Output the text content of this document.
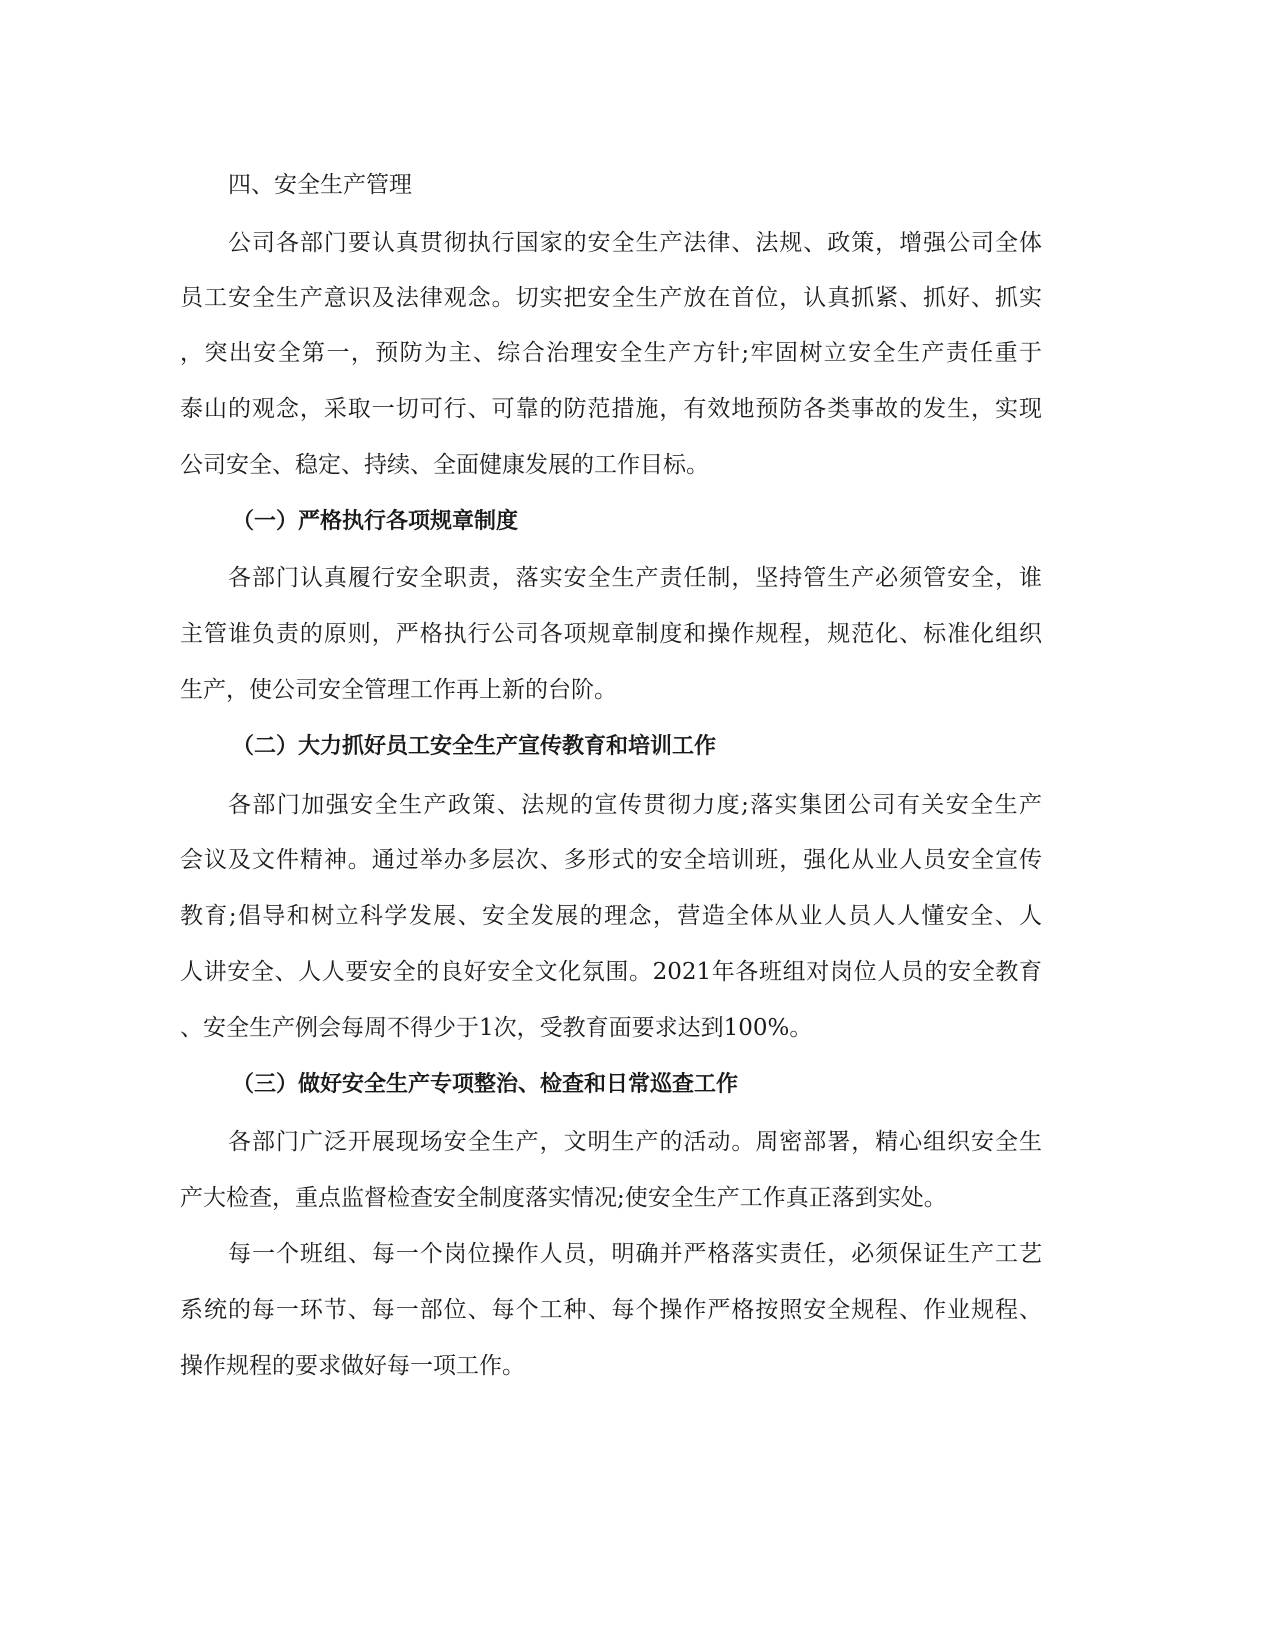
四、安全生产管理
公司各部门要认真贯彻执行国家的安全生产法律、法规、政策，增强公司全体
员工安全生产意识及法律观念。切实把安全生产放在首位，认真抓紧、抓好、抓实
，突出安全第一，预防为主、综合治理安全生产方针;牢固树立安全生产责任重于
泰山的观念，采取一切可行、可靠的防范措施，有效地预防各类事故的发生，实现
公司安全、稳定、持续、全面健康发展的工作目标。
（一）严格执行各项规章制度
各部门认真履行安全职责，落实安全生产责任制，坚持管生产必须管安全，谁
主管谁负责的原则，严格执行公司各项规章制度和操作规程，规范化、标准化组织
生产，使公司安全管理工作再上新的台阶。
（二）大力抓好员工安全生产宣传教育和培训工作
各部门加强安全生产政策、法规的宣传贯彻力度;落实集团公司有关安全生产
会议及文件精神。通过举办多层次、多形式的安全培训班，强化从业人员安全宣传
教育;倡导和树立科学发展、安全发展的理念，营造全体从业人员人人懂安全、人
人讲安全、人人要安全的良好安全文化氛围。2021年各班组对岗位人员的安全教育
、安全生产例会每周不得少于1次，受教育面要求达到100%。
（三）做好安全生产专项整治、检查和日常巡查工作
各部门广泛开展现场安全生产，文明生产的活动。周密部署，精心组织安全生
产大检查，重点监督检查安全制度落实情况;使安全生产工作真正落到实处。
每一个班组、每一个岗位操作人员，明确并严格落实责任，必须保证生产工艺
系统的每一环节、每一部位、每个工种、每个操作严格按照安全规程、作业规程、
操作规程的要求做好每一项工作。
